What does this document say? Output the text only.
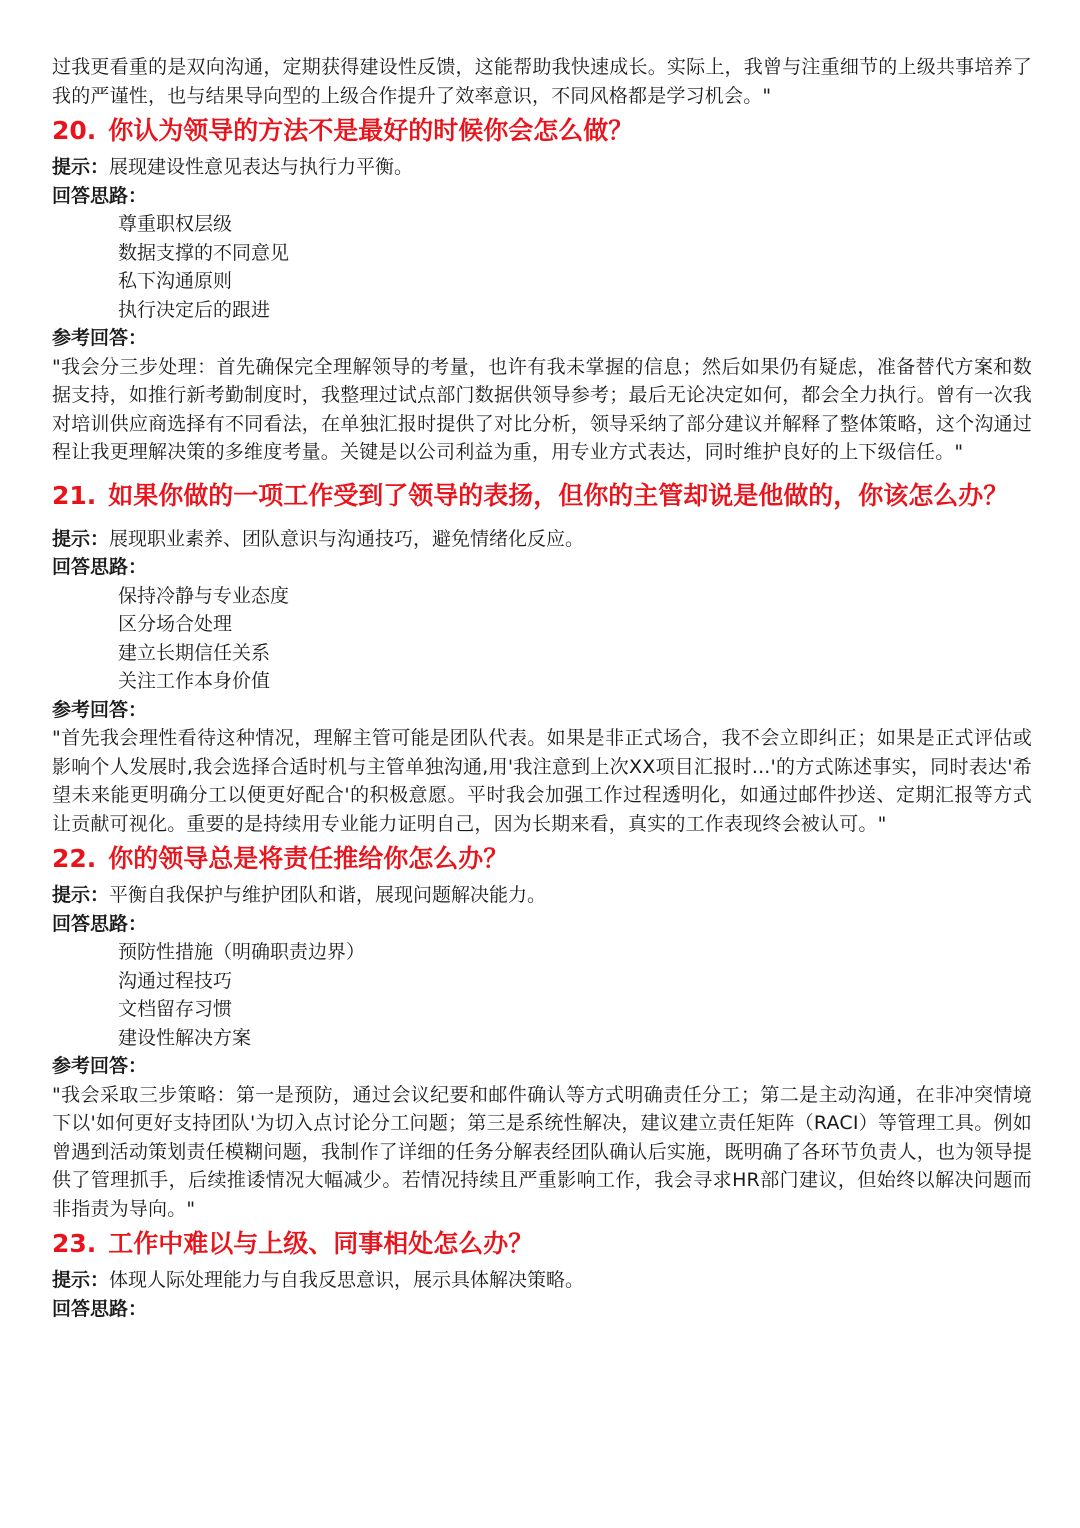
过我更看重的是双向沟通，定期获得建设性反馈，这能帮助我快速成长。实际上，我曾与注重细节的上级共事培养了我的严谨性，也与结果导向型的上级合作提升了效率意识，不同风格都是学习机会。"

20. 你认为领导的方法不是最好的时候你会怎么做？

提示：展现建设性意见表达与执行力平衡。

回答思路：

尊重职权层级
数据支撑的不同意见
私下沟通原则
执行决定后的跟进

参考回答：

"我会分三步处理：首先确保完全理解领导的考量，也许有我未掌握的信息；然后如果仍有疑虑，准备替代方案和数据支持，如推行新考勤制度时，我整理过试点部门数据供领导参考；最后无论决定如何，都会全力执行。曾有一次我对培训供应商选择有不同看法，在单独汇报时提供了对比分析，领导采纳了部分建议并解释了整体策略，这个沟通过程让我更理解决策的多维度考量。关键是以公司利益为重，用专业方式表达，同时维护良好的上下级信任。"

21. 如果你做的一项工作受到了领导的表扬，但你的主管却说是他做的，你该怎么办？

提示：展现职业素养、团队意识与沟通技巧，避免情绪化反应。

回答思路：

保持冷静与专业态度
区分场合处理
建立长期信任关系
关注工作本身价值

参考回答：

"首先我会理性看待这种情况，理解主管可能是团队代表。如果是非正式场合，我不会立即纠正；如果是正式评估或影响个人发展时,我会选择合适时机与主管单独沟通,用'我注意到上次XX项目汇报时...'的方式陈述事实，同时表达'希望未来能更明确分工以便更好配合'的积极意愿。平时我会加强工作过程透明化，如通过邮件抄送、定期汇报等方式让贡献可视化。重要的是持续用专业能力证明自己，因为长期来看，真实的工作表现终会被认可。"

22. 你的领导总是将责任推给你怎么办？

提示：平衡自我保护与维护团队和谐，展现问题解决能力。

回答思路：

预防性措施（明确职责边界）
沟通过程技巧
文档留存习惯
建设性解决方案

参考回答：

"我会采取三步策略：第一是预防，通过会议纪要和邮件确认等方式明确责任分工；第二是主动沟通，在非冲突情境下以'如何更好支持团队'为切入点讨论分工问题；第三是系统性解决，建议建立责任矩阵（RACI）等管理工具。例如曾遇到活动策划责任模糊问题，我制作了详细的任务分解表经团队确认后实施，既明确了各环节负责人，也为领导提供了管理抓手，后续推诿情况大幅减少。若情况持续且严重影响工作，我会寻求HR部门建议，但始终以解决问题而非指责为导向。"

23. 工作中难以与上级、同事相处怎么办？

提示：体现人际处理能力与自我反思意识，展示具体解决策略。

回答思路：
